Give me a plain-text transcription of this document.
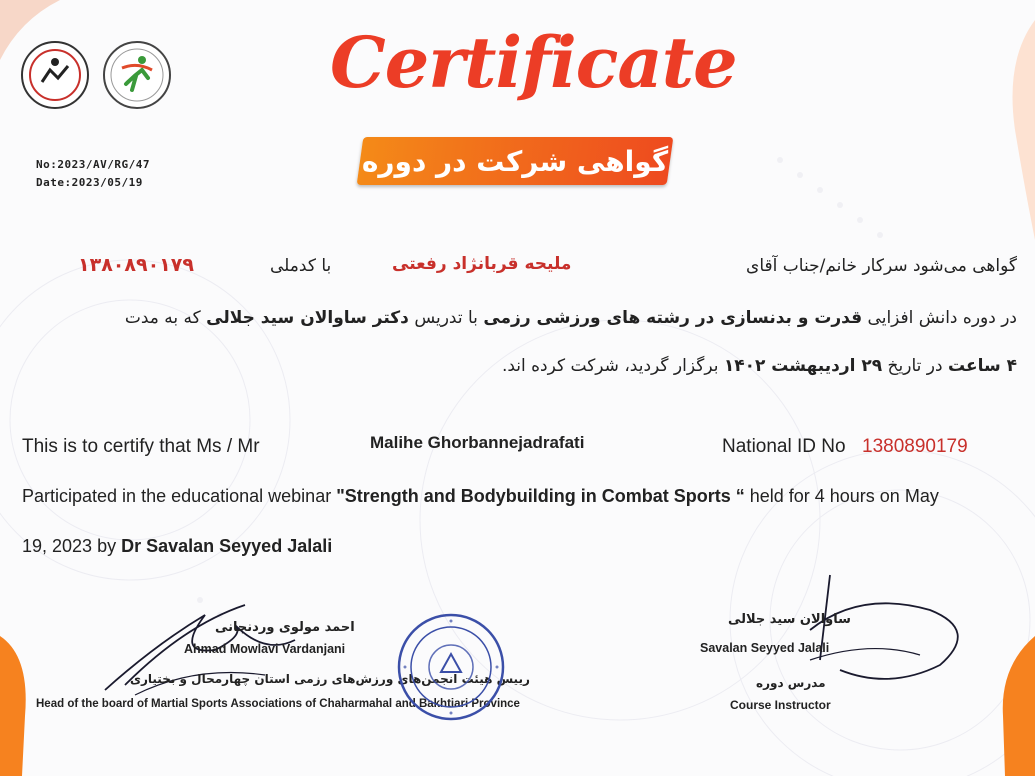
No:2023/AV/RG/47
Date:2023/05/19
Certificate
گواهی شرکت در دوره
گواهی می‌شود سرکار خانم/جناب آقای
ملیحه قربانژاد رفعتی
با کدملی
۱۳۸۰۸۹۰۱۷۹
در دوره دانش افزایی قدرت و بدنسازی در رشته های ورزشی رزمی با تدریس دکتر ساوالان سید جلالی که به مدت
۴ ساعت در تاریخ ۲۹ اردیبهشت ۱۴۰۲ برگزار گردید، شرکت کرده اند.
This is to certify that Ms / Mr	Malihe Ghorbannejadrafati	National ID No 1380890179
Participated in the educational webinar "Strength and Bodybuilding in Combat Sports “ held for 4 hours on May
19, 2023 by Dr Savalan Seyyed Jalali
احمد مولوی وردنجانی
Ahmad Mowlavi Vardanjani
رییس هیئت انجمن‌های ورزش‌های رزمی استان چهارمحال و بختیاری
Head of the board of Martial Sports Associations of Chaharmahal and Bakhtiari Province
ساوالان سید جلالی
Savalan Seyyed Jalali
مدرس دوره
Course Instructor
